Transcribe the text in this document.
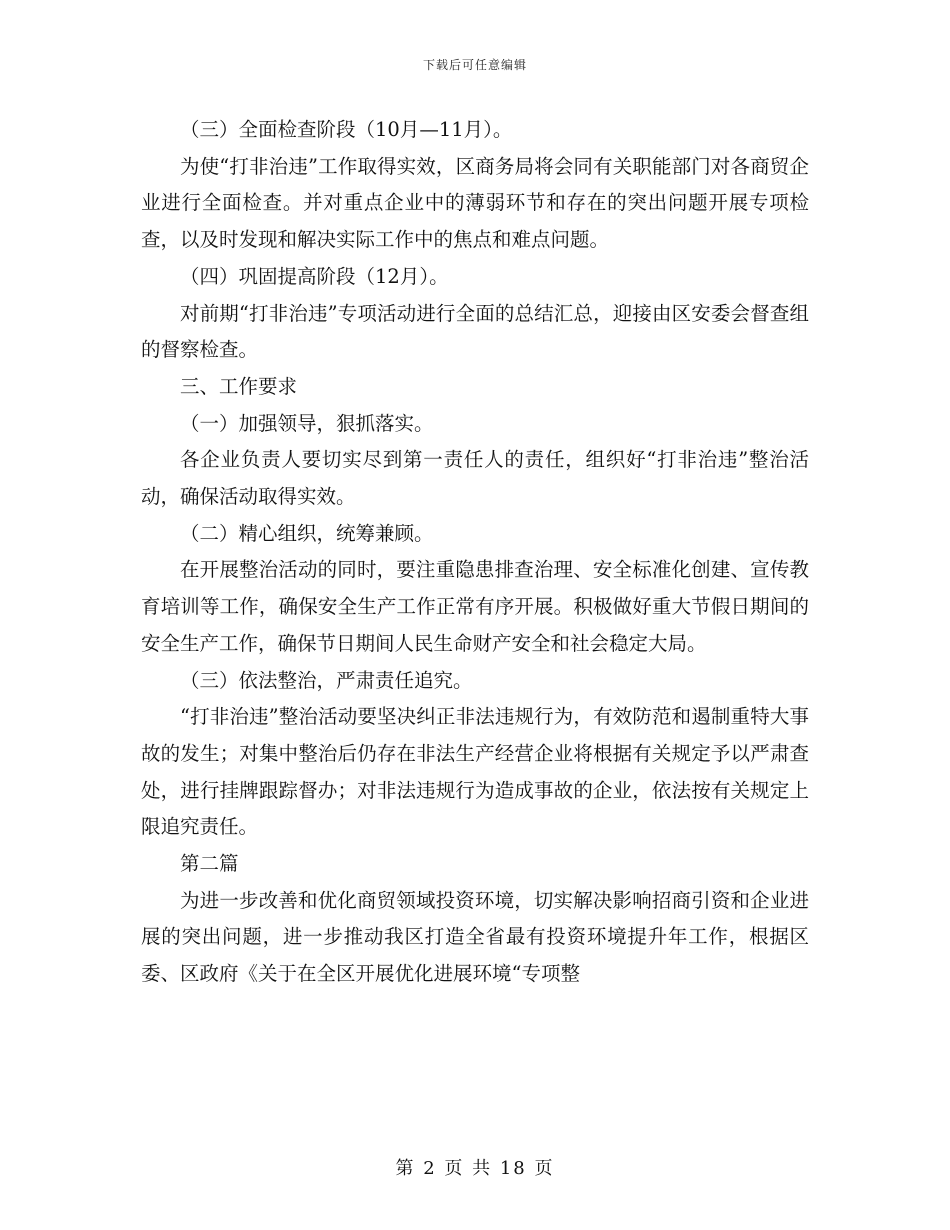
下载后可任意编辑

（三）全面检查阶段（10月—11月）。

为使“打非治违”工作取得实效，区商务局将会同有关职能部门对各商贸企业进行全面检查。并对重点企业中的薄弱环节和存在的突出问题开展专项检查，以及时发现和解决实际工作中的焦点和难点问题。

（四）巩固提高阶段（12月）。

对前期“打非治违”专项活动进行全面的总结汇总，迎接由区安委会督查组的督察检查。

三、工作要求

（一）加强领导，狠抓落实。

各企业负责人要切实尽到第一责任人的责任，组织好“打非治违”整治活动，确保活动取得实效。

（二）精心组织，统筹兼顾。

在开展整治活动的同时，要注重隐患排查治理、安全标准化创建、宣传教育培训等工作，确保安全生产工作正常有序开展。积极做好重大节假日期间的安全生产工作，确保节日期间人民生命财产安全和社会稳定大局。

（三）依法整治，严肃责任追究。

“打非治违”整治活动要坚决纠正非法违规行为，有效防范和遏制重特大事故的发生；对集中整治后仍存在非法生产经营企业将根据有关规定予以严肃查处，进行挂牌跟踪督办；对非法违规行为造成事故的企业，依法按有关规定上限追究责任。

第二篇

为进一步改善和优化商贸领域投资环境，切实解决影响招商引资和企业进展的突出问题，进一步推动我区打造全省最有投资环境提升年工作，根据区委、区政府《关于在全区开展优化进展环境“专项整

第 2 页 共 18 页
